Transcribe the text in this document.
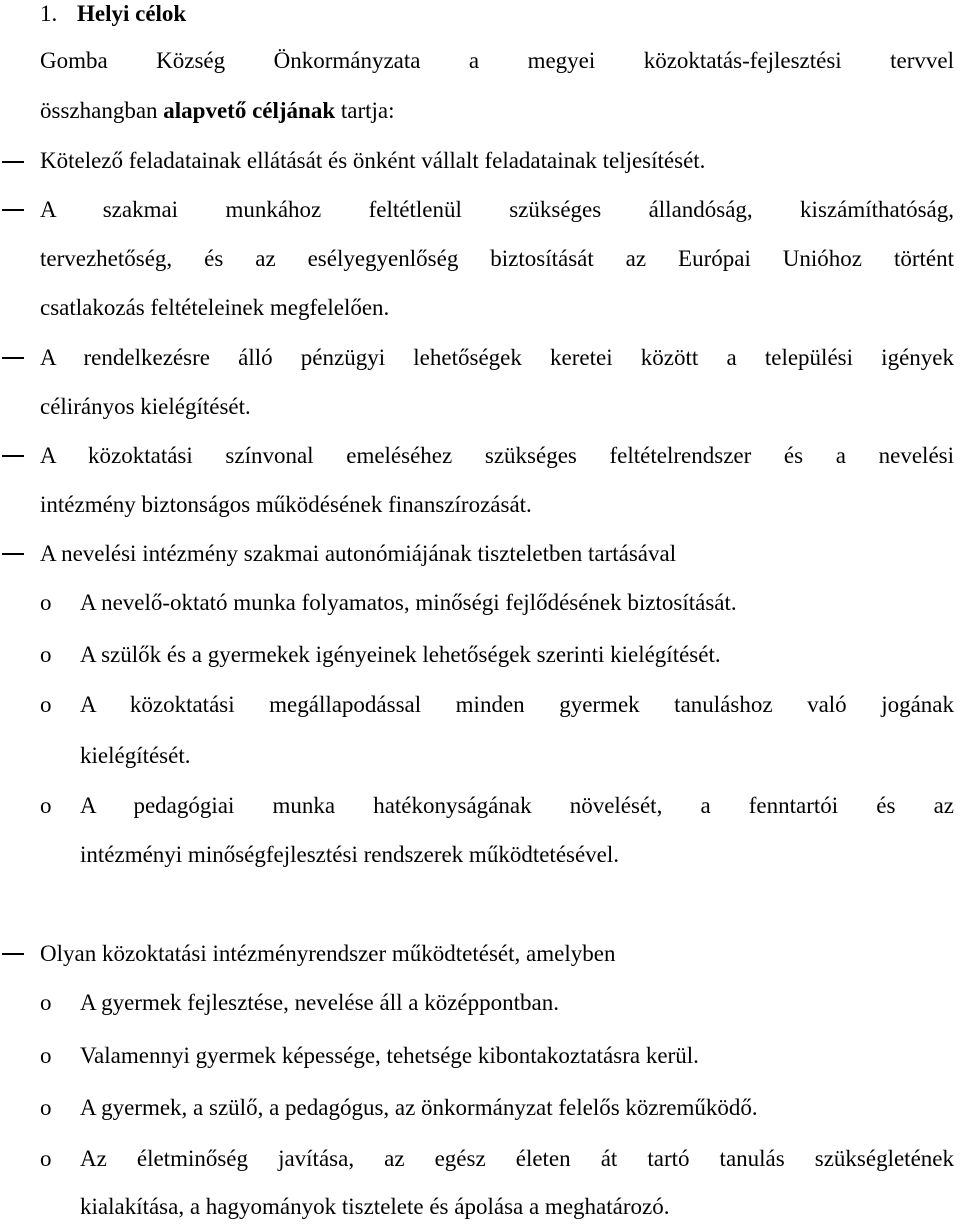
1. Helyi célok
Gomba Község Önkormányzata a megyei közoktatás-fejlesztési tervvel
összhangban alapvető céljának tartja:
Kötelező feladatainak ellátását és önként vállalt feladatainak teljesítését.
A szakmai munkához feltétlenül szükséges állandóság, kiszámíthatóság,
tervezhetőség, és az esélyegyenlőség biztosítását az Európai Unióhoz történt
csatlakozás feltételeinek megfelelően.
A rendelkezésre álló pénzügyi lehetőségek keretei között a települési igények
célirányos kielégítését.
A közoktatási színvonal emeléséhez szükséges feltételrendszer és a nevelési
intézmény biztonságos működésének finanszírozását.
A nevelési intézmény szakmai autonómiájának tiszteletben tartásával
o A nevelő-oktató munka folyamatos, minőségi fejlődésének biztosítását.
o A szülők és a gyermekek igényeinek lehetőségek szerinti kielégítését.
o A közoktatási megállapodással minden gyermek tanuláshoz való jogának
kielégítését.
o A pedagógiai munka hatékonyságának növelését, a fenntartói és az
intézményi minőségfejlesztési rendszerek működtetésével.
Olyan közoktatási intézményrendszer működtetését, amelyben
o A gyermek fejlesztése, nevelése áll a középpontban.
o Valamennyi gyermek képessége, tehetsége kibontakoztatásra kerül.
o A gyermek, a szülő, a pedagógus, az önkormányzat felelős közreműködő.
o Az életminőség javítása, az egész életen át tartó tanulás szükségletének
kialakítása, a hagyományok tisztelete és ápolása a meghatározó.
